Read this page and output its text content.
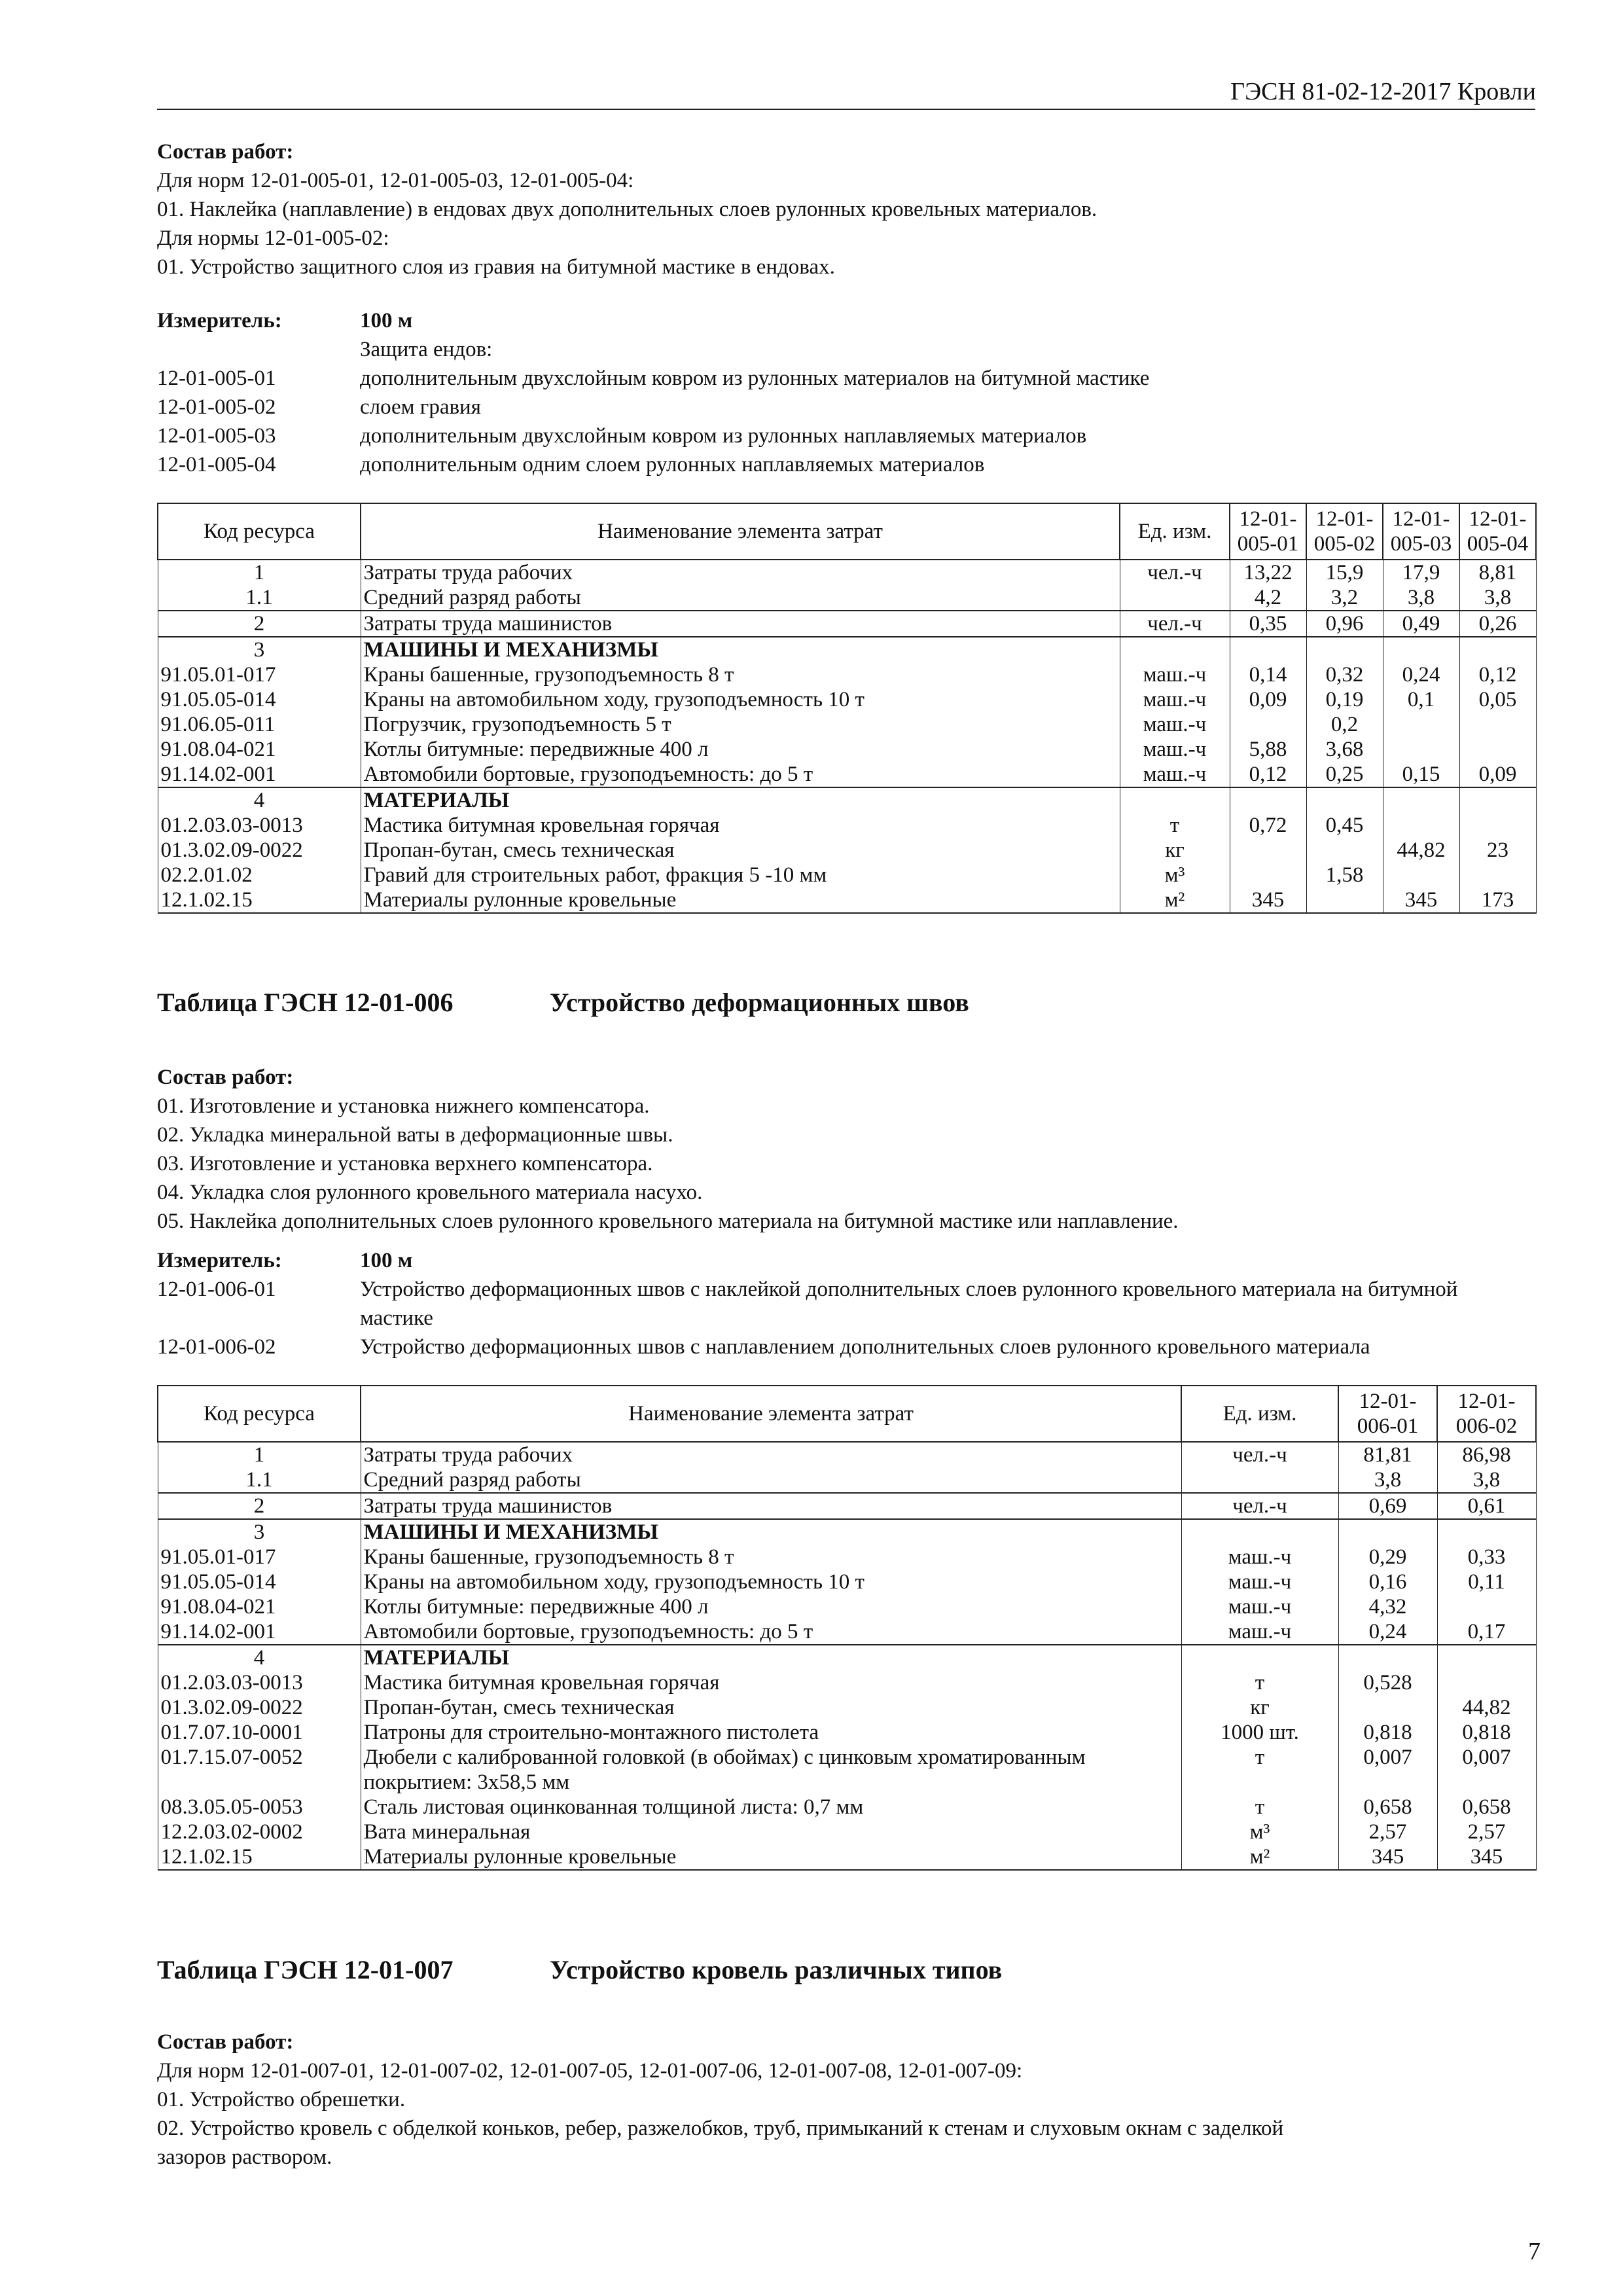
ГЭСН 81-02-12-2017 Кровли

Состав работ:

Для норм 12-01-005-01, 12-01-005-03, 12-01-005-04:

01. Наклейка (наплавление) в ендовах двух дополнительных слоев рулонных кровельных материалов.

Для нормы 12-01-005-02:

01. Устройство защитного слоя из гравия на битумной мастике в ендовах.

Измеритель:	100 м
Защита ендов:
12-01-005-01	дополнительным двухслойным ковром из рулонных материалов на битумной мастике
12-01-005-02	слоем гравия
12-01-005-03	дополнительным двухслойным ковром из рулонных наплавляемых материалов
12-01-005-04	дополнительным одним слоем рулонных наплавляемых материалов
Код ресурса	Наименование элемента затрат	Ед. изм.	12-01-005-01	12-01-005-02	12-01-005-03	12-01-005-04
1	Затраты труда рабочих	чел.-ч	13,22	15,9	17,9	8,81
1.1	Средний разряд работы		4,2	3,2	3,8	3,8
2	Затраты труда машинистов	чел.-ч	0,35	0,96	0,49	0,26
3	МАШИНЫ И МЕХАНИЗМЫ					
91.05.01-017	Краны башенные, грузоподъемность 8 т	маш.-ч	0,14	0,32	0,24	0,12
91.05.05-014	Краны на автомобильном ходу, грузоподъемность 10 т	маш.-ч	0,09	0,19	0,1	0,05
91.06.05-011	Погрузчик, грузоподъемность 5 т	маш.-ч		0,2		
91.08.04-021	Котлы битумные: передвижные 400 л	маш.-ч	5,88	3,68		
91.14.02-001	Автомобили бортовые, грузоподъемность: до 5 т	маш.-ч	0,12	0,25	0,15	0,09
4	МАТЕРИАЛЫ					
01.2.03.03-0013	Мастика битумная кровельная горячая	т	0,72	0,45		
01.3.02.09-0022	Пропан-бутан, смесь техническая	кг			44,82	23
02.2.01.02	Гравий для строительных работ, фракция 5 -10 мм	м³		1,58		
12.1.02.15	Материалы рулонные кровельные	м²	345		345	173
Таблица ГЭСН 12-01-006	Устройство деформационных швов

Состав работ:

01. Изготовление и установка нижнего компенсатора.

02. Укладка минеральной ваты в деформационные швы.

03. Изготовление и установка верхнего компенсатора.

04. Укладка слоя рулонного кровельного материала насухо.

05. Наклейка дополнительных слоев рулонного кровельного материала на битумной мастике или наплавление.

Измеритель:	100 м
12-01-006-01	Устройство деформационных швов с наклейкой дополнительных слоев рулонного кровельного материала на битумной мастике
12-01-006-02	Устройство деформационных швов с наплавлением дополнительных слоев рулонного кровельного материала
Код ресурса	Наименование элемента затрат	Ед. изм.	12-01-006-01	12-01-006-02
1	Затраты труда рабочих	чел.-ч	81,81	86,98
1.1	Средний разряд работы		3,8	3,8
2	Затраты труда машинистов	чел.-ч	0,69	0,61
3	МАШИНЫ И МЕХАНИЗМЫ			
91.05.01-017	Краны башенные, грузоподъемность 8 т	маш.-ч	0,29	0,33
91.05.05-014	Краны на автомобильном ходу, грузоподъемность 10 т	маш.-ч	0,16	0,11
91.08.04-021	Котлы битумные: передвижные 400 л	маш.-ч	4,32	
91.14.02-001	Автомобили бортовые, грузоподъемность: до 5 т	маш.-ч	0,24	0,17
4	МАТЕРИАЛЫ			
01.2.03.03-0013	Мастика битумная кровельная горячая	т	0,528	
01.3.02.09-0022	Пропан-бутан, смесь техническая	кг		44,82
01.7.07.10-0001	Патроны для строительно-монтажного пистолета	1000 шт.	0,818	0,818
01.7.15.07-0052	Дюбели с калиброванной головкой (в обоймах) с цинковым хроматированным покрытием: 3х58,5 мм	т	0,007	0,007
08.3.05.05-0053	Сталь листовая оцинкованная толщиной листа: 0,7 мм	т	0,658	0,658
12.2.03.02-0002	Вата минеральная	м³	2,57	2,57
12.1.02.15	Материалы рулонные кровельные	м²	345	345
Таблица ГЭСН 12-01-007	Устройство кровель различных типов

Состав работ:

Для норм 12-01-007-01, 12-01-007-02, 12-01-007-05, 12-01-007-06, 12-01-007-08, 12-01-007-09:

01. Устройство обрешетки.

02. Устройство кровель с обделкой коньков, ребер, разжелобков, труб, примыканий к стенам и слуховым окнам с заделкой

зазоров раствором.

7
